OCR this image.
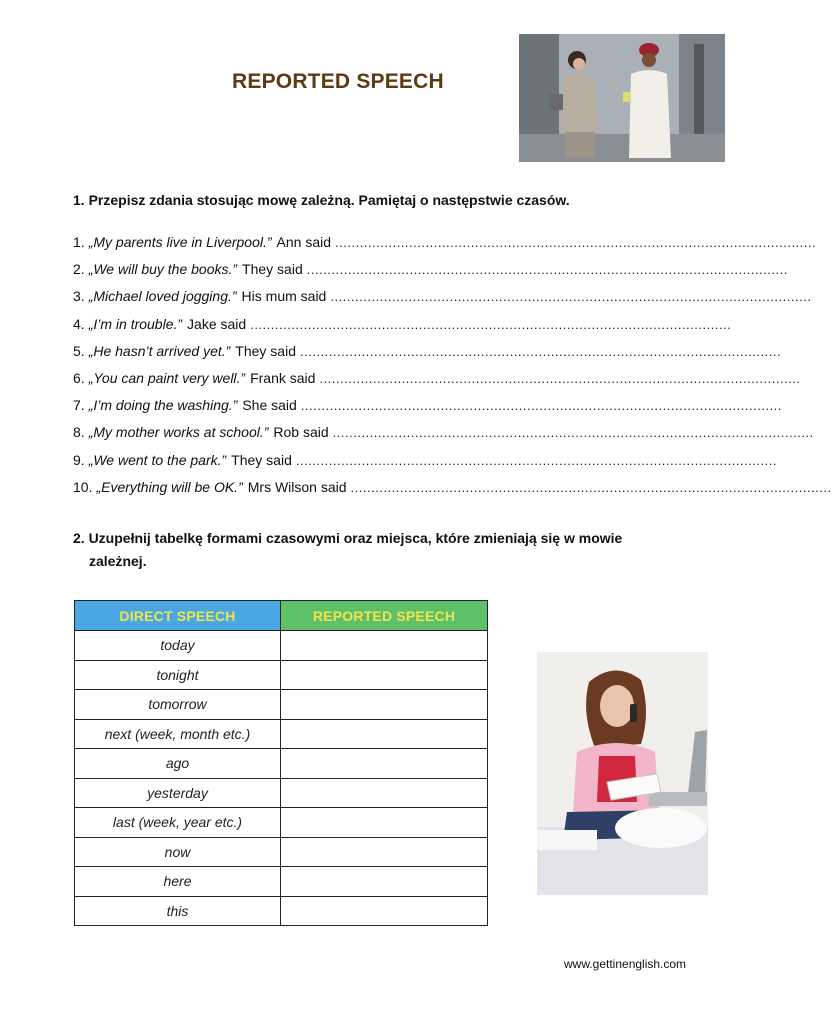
REPORTED SPEECH
1. Przepisz zdania stosując mowę zależną. Pamiętaj o następstwie czasów.
1. „My parents live in Liverpool.” Ann said .....................................................................................................................
2. „We will buy the books.” They said .....................................................................................................................
3. „Michael loved jogging.” His mum said .....................................................................................................................
4. „I’m in trouble.” Jake said .....................................................................................................................
5. „He hasn’t arrived yet.” They said .....................................................................................................................
6. „You can paint very well.” Frank said .....................................................................................................................
7. „I’m doing the washing.” She said .....................................................................................................................
8. „My mother works at school.” Rob said .....................................................................................................................
9. „We went to the park.” They said .....................................................................................................................
10. „Everything will be OK.” Mrs Wilson said .....................................................................................................................
2. Uzupełnij tabelkę formami czasowymi oraz miejsca, które zmieniają się w mowie
zależnej.
DIRECT SPEECH	REPORTED SPEECH
today	
tonight	
tomorrow	
next (week, month etc.)	
ago	
yesterday	
last (week, year etc.)	
now	
here	
this	
www.gettinenglish.com
